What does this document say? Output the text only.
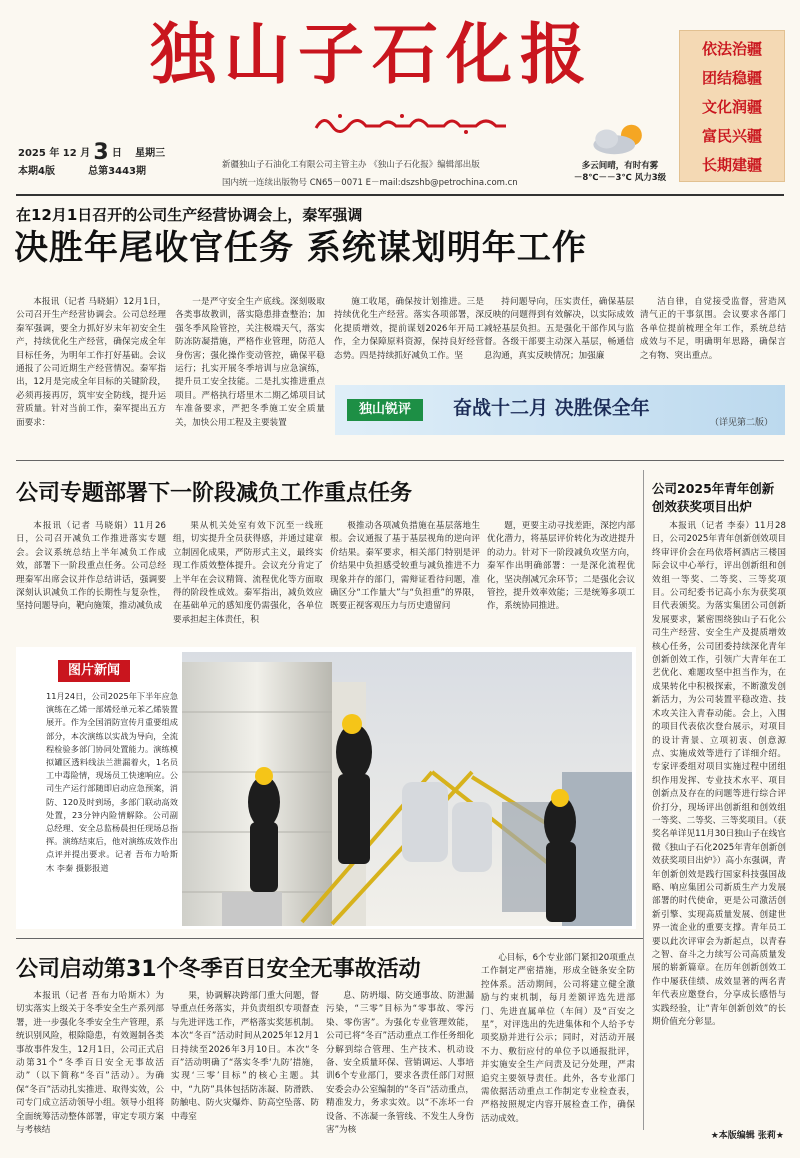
独山子石化报	依法治疆
团结稳疆
文化润疆
富民兴疆
长期建疆
2025 年 12 月 3 日 星期三
本期4版	总第3443期
新疆独山子石油化工有限公司主管主办 《独山子石化报》编辑部出版
国内统一连续出版物号 CN65－0071 E－mail:dszshb@petrochina.com.cn
多云间晴，有时有雾
－8℃－－3℃ 风力3级
在12月1日召开的公司生产经营协调会上，秦军强调
决胜年尾收官任务 系统谋划明年工作

本报讯（记者 马晓娟）12月1日，公司召开生产经营协调会。公司总经理秦军强调，要全力抓好岁末年初安全生产，持续优化生产经营，确保完成全年目标任务，为明年工作打好基础。会议通报了公司近期生产经营情况。秦军指出，12月是完成全年目标的关键阶段，必须再接再厉，筑牢安全防线，提升运营质量。针对当前工作，秦军提出五方面要求：

一是严守安全生产底线。深刻吸取各类事故教训，落实隐患排查整治；加强冬季风险管控，关注极端天气，落实防冻防凝措施，严格作业管理，防范人身伤害；强化操作变动管控，确保平稳运行；扎实开展冬季培训与应急演练，提升员工安全技能。二是扎实推进重点项目。严格执行塔里木二期乙烯项目试车准备要求，严把冬季施工安全质量关，加快公用工程及主要装置

施工收尾，确保按计划推进。三是持续优化生产经营。落实各项部署，深化提质增效，提前谋划2026年开局工作，全力保障原料资源，保持良好经营态势。四是持续抓好减负工作。坚

持问题导向，压实责任，确保基层反映的问题得到有效解决，以实际成效减轻基层负担。五是强化干部作风与监督。各级干部要主动深入基层，畅通信息沟通，真实反映情况；加强廉

洁自律，自觉接受监督，营造风清气正的干事氛围。会议要求各部门各单位提前梳理全年工作，系统总结成效与不足，明确明年思路，确保言之有物、突出重点。

独山锐评	奋战十二月 决胜保全年
（详见第二版）
公司专题部署下一阶段减负工作重点任务

本报讯（记者 马晓娟）11月26日，公司召开减负工作推进落实专题会。会议系统总结上半年减负工作成效，部署下一阶段重点任务。公司总经理秦军出席会议并作总结讲话，强调要深刻认识减负工作的长期性与复杂性，坚持问题导向，靶向施策，推动减负成

果从机关处室有效下沉至一线班组，切实提升全员获得感，并通过建章立制固化成果，严防形式主义，最终实现工作质效整体提升。会议充分肯定了上半年在会议精简、流程优化等方面取得的阶段性成效。秦军指出，减负效应在基础单元的感知度仍需强化，各单位要承担起主体责任，积

极推动各项减负措施在基层落地生根。会议通报了基于基层视角的逆向评价结果。秦军要求，相关部门特别是评价结果中负担感受较重与减负推进不力现象并存的部门，需辩证看待问题，准确区分“工作量大”与“负担重”的界限，既要正视客观压力与历史遗留问

题，更要主动寻找差距，深挖内部优化潜力，将基层评价转化为改进提升的动力。针对下一阶段减负攻坚方向，秦军作出明确部署：一是深化流程优化，坚决削减冗余环节；二是强化会议管控，提升效率效能；三是统筹多项工作，系统协同推进。

公司2025年青年创新创效获奖项目出炉

本报讯（记者 李泰）11月28日，公司2025年青年创新创效项目终审评价会在玛依塔柯酒店三楼国际会议中心举行，评出创新组和创效组一等奖、二等奖、三等奖项目。公司纪委书记高小东为获奖项目代表颁奖。为落实集团公司创新发展要求，紧密围绕独山子石化公司生产经营、安全生产及提质增效核心任务，公司团委持续深化青年创新创效工作，引领广大青年在工艺优化、难题攻坚中担当作为，在成果转化中积极探索，不断激发创新活力，为公司装置平稳改造、技术攻关注入青春动能。会上，入围的项目代表依次登台展示，对项目的设计背景、立项初衷、创意源点、实施成效等进行了详细介绍。专家评委组对项目实施过程中团组织作用发挥、专业技术水平、项目创新点及存在的问题等进行综合评价打分，现场评出创新组和创效组一等奖、二等奖、三等奖项目。（获奖名单详见11月30日独山子在线官微《独山子石化2025年青年创新创效获奖项目出炉》）高小东强调，青年创新创效是践行国家科技强国战略、响应集团公司新质生产力发展部署的时代使命，更是公司激活创新引擎、实现高质量发展、创建世界一流企业的重要支撑。青年员工要以此次评审会为新起点，以青春之智、奋斗之力续写公司高质量发展的崭新篇章。在历年创新创效工作中屡获佳绩、成效显著的两名青年代表应邀登台，分享成长感悟与实践经验，让“青年创新创效”的长期价值充分彰显。

图片新闻

11月24日，公司2025年下半年应急演练在乙烯一部烯烃单元苯乙烯装置展开。作为全国消防宣传月重要组成部分，本次演练以实战为导向，全流程检验多部门协同处置能力。演练模拟罐区透料线法兰泄漏着火，1名员工中毒险情，现场员工快速响应。公司生产运行部随即启动应急预案，消防、120及时到场，多部门联动高效处置，23分钟内险情解除。公司副总经理、安全总监杨晨担任现场总指挥。演练结束后，他对演练成效作出点评并提出要求。记者 吾布力哈斯木 李秦 摄影报道

公司启动第31个冬季百日安全无事故活动

本报讯（记者 吾布力哈斯木）为切实落实上级关于冬季安全生产系列部署，进一步强化冬季安全生产管理，系统识别风险，根除隐患，有效遏制各类事故事件发生，12月1日，公司正式启动第31个“冬季百日安全无事故活动”（以下简称“冬百”活动）。为确保“冬百”活动扎实推进、取得实效，公司专门成立活动领导小组。领导小组将全面统筹活动整体部署，审定专项方案与考核结

果，协调解决跨部门重大问题，督导重点任务落实，并负责组织专项督查与先进评选工作，严格落实奖惩机制。本次“冬百”活动时间从2025年12月1日持续至2026年3月10日。本次“冬百”活动明确了“落实冬季‘九防’措施，实现‘三零’目标”的核心主题。其中，“九防”具体包括防冻凝、防滑跌、防触电、防火灾爆炸、防高空坠落、防中毒室

息、防坍塌、防交通事故、防泄漏污染，“三零”目标为“零事故、零污染、零伤害”。为强化专业管理效能，公司已将“冬百”活动重点工作任务细化分解到综合管理、生产技术、机动设备、安全质量环保、营销调运、人事培训6个专业部门，要求各责任部门对照安委会办公室编制的“冬百”活动重点，精准发力，务求实效。以“不冻坏一台设备、不冻凝一条管线、不发生人身伤害”为核

心目标，6个专业部门紧扣20项重点工作制定严密措施，形成全链条安全防控体系。活动期间，公司将建立健全激励与约束机制，每月差额评选先进部门、先进直属单位（车间）及“百安之星”，对评选出的先进集体和个人给予专项奖励并进行公示；同时，对活动开展不力、敷衍应付的单位予以通报批评，并实施安全生产问责及记分处理，严肃追究主要领导责任。此外，各专业部门需依据活动重点工作制定专业检查表，严格按照规定内容开展检查工作，确保活动成效。

★本版编辑 张莉★
